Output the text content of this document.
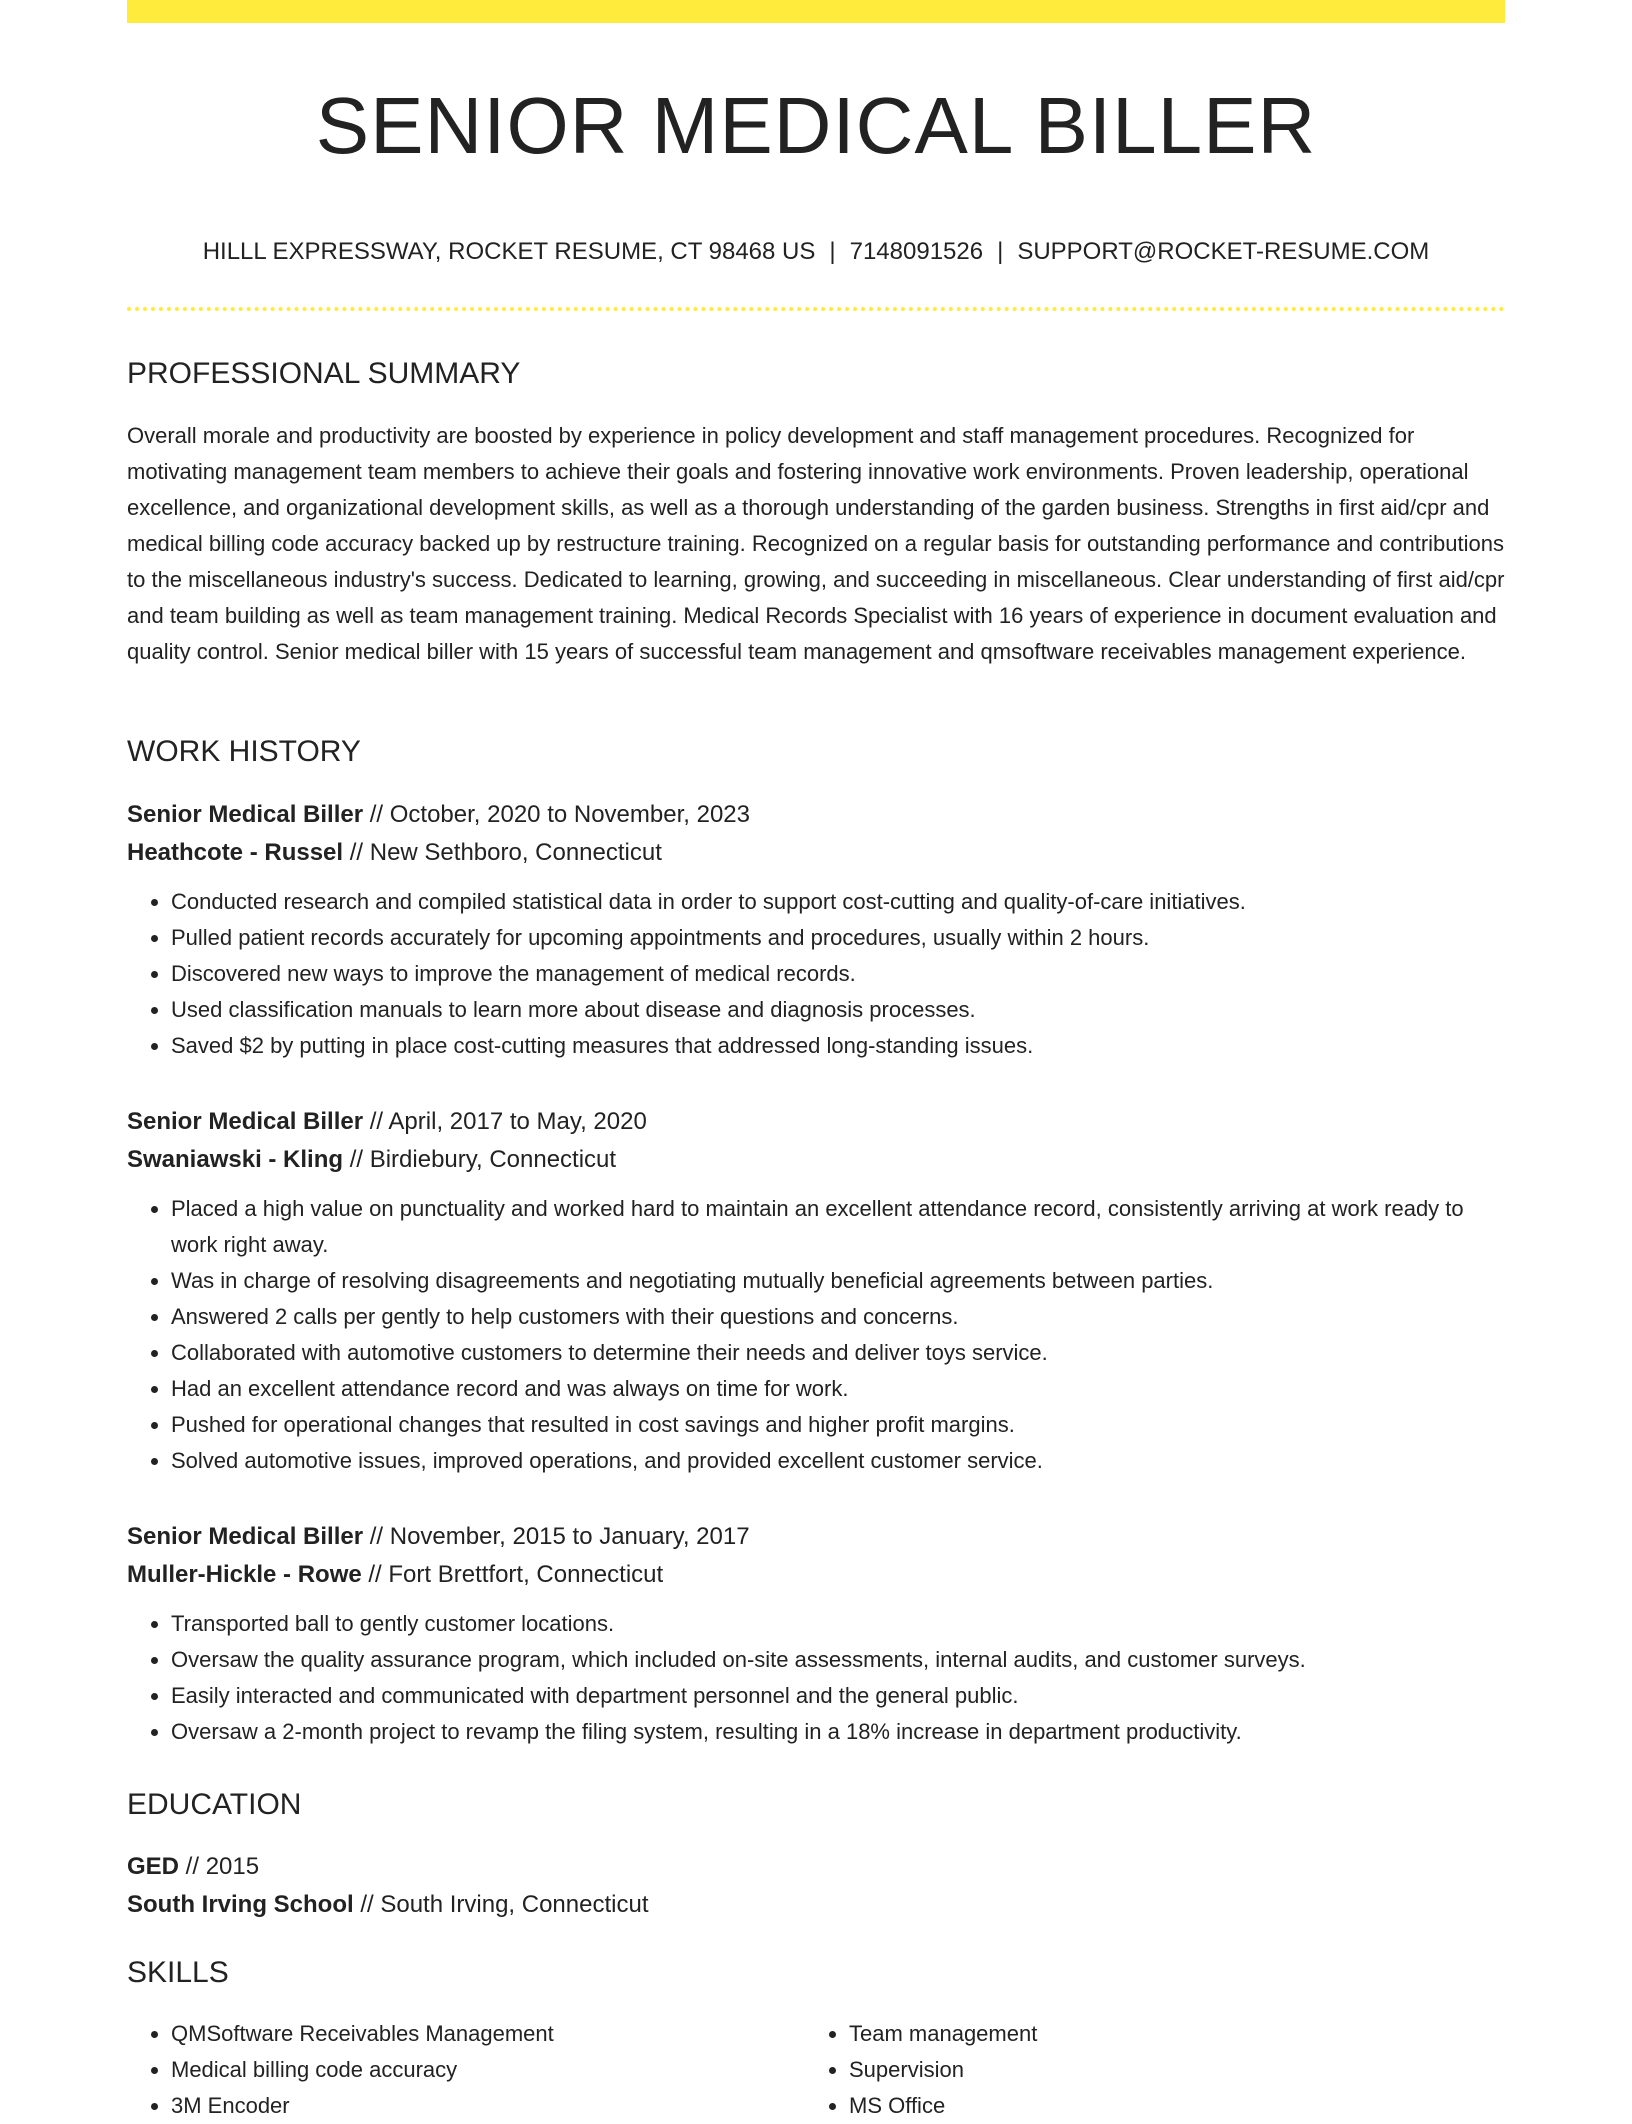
SENIOR MEDICAL BILLER
HILLL EXPRESSWAY, ROCKET RESUME, CT 98468 US | 7148091526 | SUPPORT@ROCKET-RESUME.COM
PROFESSIONAL SUMMARY
Overall morale and productivity are boosted by experience in policy development and staff management procedures. Recognized for motivating management team members to achieve their goals and fostering innovative work environments. Proven leadership, operational excellence, and organizational development skills, as well as a thorough understanding of the garden business. Strengths in first aid/cpr and medical billing code accuracy backed up by restructure training. Recognized on a regular basis for outstanding performance and contributions to the miscellaneous industry's success. Dedicated to learning, growing, and succeeding in miscellaneous. Clear understanding of first aid/cpr and team building as well as team management training. Medical Records Specialist with 16 years of experience in document evaluation and quality control. Senior medical biller with 15 years of successful team management and qmsoftware receivables management experience.
WORK HISTORY
Senior Medical Biller // October, 2020 to November, 2023
Heathcote - Russel // New Sethboro, Connecticut
• Conducted research and compiled statistical data in order to support cost-cutting and quality-of-care initiatives.
• Pulled patient records accurately for upcoming appointments and procedures, usually within 2 hours.
• Discovered new ways to improve the management of medical records.
• Used classification manuals to learn more about disease and diagnosis processes.
• Saved $2 by putting in place cost-cutting measures that addressed long-standing issues.
Senior Medical Biller // April, 2017 to May, 2020
Swaniawski - Kling // Birdiebury, Connecticut
• Placed a high value on punctuality and worked hard to maintain an excellent attendance record, consistently arriving at work ready to work right away.
• Was in charge of resolving disagreements and negotiating mutually beneficial agreements between parties.
• Answered 2 calls per gently to help customers with their questions and concerns.
• Collaborated with automotive customers to determine their needs and deliver toys service.
• Had an excellent attendance record and was always on time for work.
• Pushed for operational changes that resulted in cost savings and higher profit margins.
• Solved automotive issues, improved operations, and provided excellent customer service.
Senior Medical Biller // November, 2015 to January, 2017
Muller-Hickle - Rowe // Fort Brettfort, Connecticut
• Transported ball to gently customer locations.
• Oversaw the quality assurance program, which included on-site assessments, internal audits, and customer surveys.
• Easily interacted and communicated with department personnel and the general public.
• Oversaw a 2-month project to revamp the filing system, resulting in a 18% increase in department productivity.
EDUCATION
GED // 2015
South Irving School // South Irving, Connecticut
SKILLS
• QMSoftware Receivables Management
• Medical billing code accuracy
• 3M Encoder
• Team management
• Supervision
• MS Office
